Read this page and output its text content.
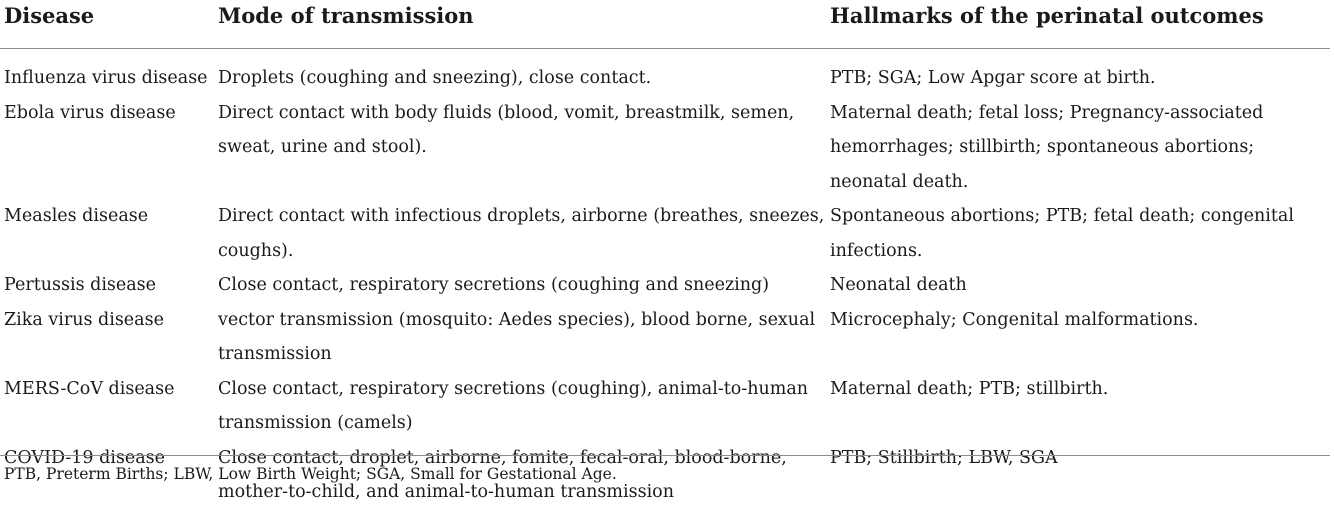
Disease	Mode of transmission	Hallmarks of the perinatal outcomes
Influenza virus disease	Droplets (coughing and sneezing), close contact.	PTB; SGA; Low Apgar score at birth.
Ebola virus disease	Direct contact with body fluids (blood, vomit, breastmilk, semen, sweat, urine and stool).	Maternal death; fetal loss; Pregnancy-associated hemorrhages; stillbirth; spontaneous abortions; neonatal death.
Measles disease	Direct contact with infectious droplets, airborne (breathes, sneezes, coughs).	Spontaneous abortions; PTB; fetal death; congenital infections.
Pertussis disease	Close contact, respiratory secretions (coughing and sneezing)	Neonatal death
Zika virus disease	vector transmission (mosquito: Aedes species), blood borne, sexual transmission	Microcephaly; Congenital malformations.
MERS-CoV disease	Close contact, respiratory secretions (coughing), animal-to-human transmission (camels)	Maternal death; PTB; stillbirth.
COVID-19 disease	Close contact, droplet, airborne, fomite, fecal-oral, blood-borne, mother-to-child, and animal-to-human transmission	PTB; Stillbirth; LBW, SGA
PTB, Preterm Births; LBW, Low Birth Weight; SGA, Small for Gestational Age.
